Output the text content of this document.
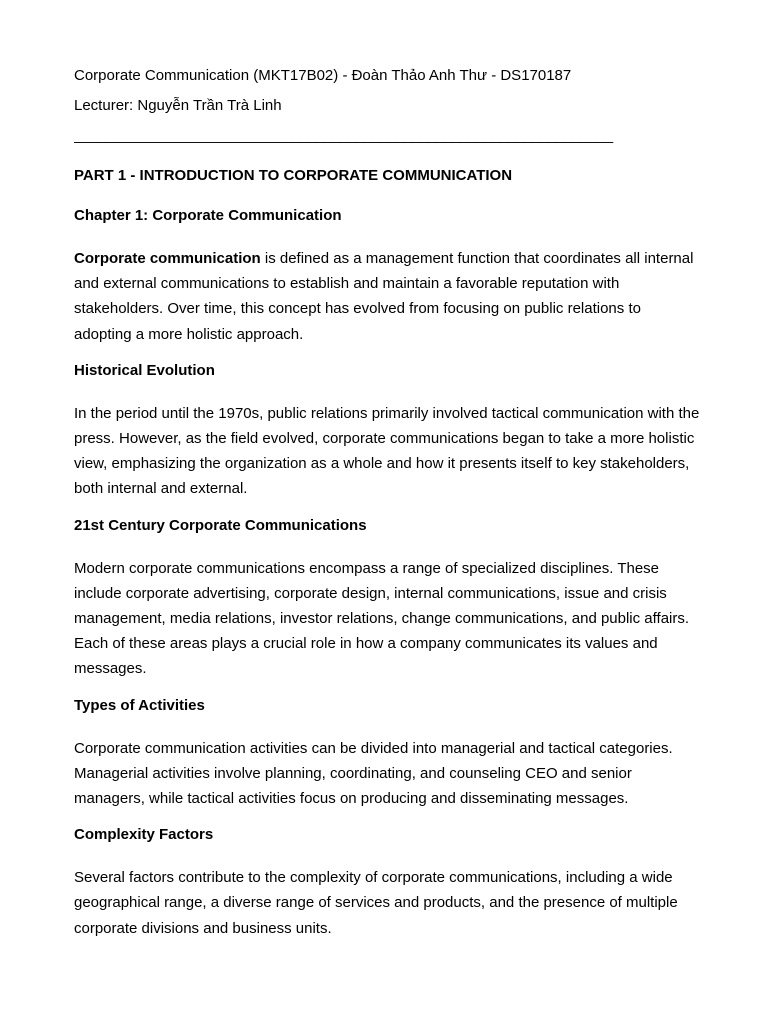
Corporate Communication (MKT17B02) - Đoàn Thảo Anh Thư - DS170187
Lecturer: Nguyễn Trần Trà Linh
___________________________________________________________________
PART 1 - INTRODUCTION TO CORPORATE COMMUNICATION
Chapter 1: Corporate Communication
Corporate communication is defined as a management function that coordinates all internal and external communications to establish and maintain a favorable reputation with stakeholders. Over time, this concept has evolved from focusing on public relations to adopting a more holistic approach.
Historical Evolution
In the period until the 1970s, public relations primarily involved tactical communication with the press. However, as the field evolved, corporate communications began to take a more holistic view, emphasizing the organization as a whole and how it presents itself to key stakeholders, both internal and external.
21st Century Corporate Communications
Modern corporate communications encompass a range of specialized disciplines. These include corporate advertising, corporate design, internal communications, issue and crisis management, media relations, investor relations, change communications, and public affairs. Each of these areas plays a crucial role in how a company communicates its values and messages.
Types of Activities
Corporate communication activities can be divided into managerial and tactical categories. Managerial activities involve planning, coordinating, and counseling CEO and senior managers, while tactical activities focus on producing and disseminating messages.
Complexity Factors
Several factors contribute to the complexity of corporate communications, including a wide geographical range, a diverse range of services and products, and the presence of multiple corporate divisions and business units.
